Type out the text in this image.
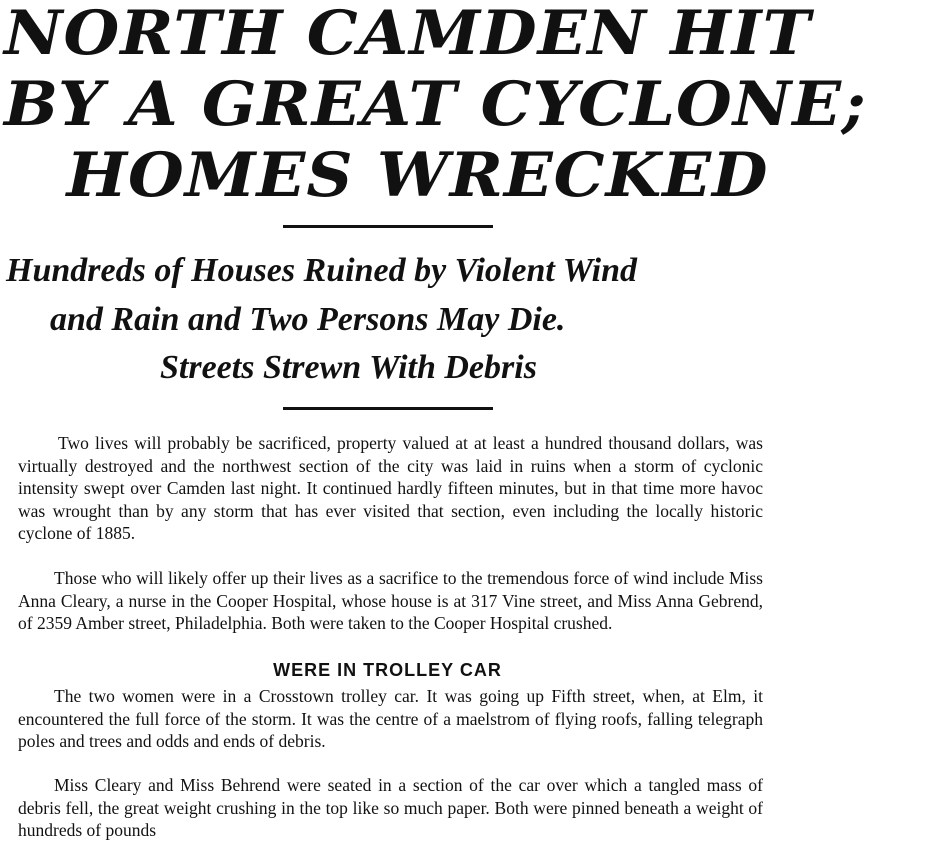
NORTH CAMDEN HIT
BY A GREAT CYCLONE;
HOMES WRECKED
Hundreds of Houses Ruined by Violent Wind
and Rain and Two Persons May Die.
Streets Strewn With Debris

Two lives will probably be sacrificed, property valued at at least a hundred thousand dollars, was virtually destroyed and the northwest section of the city was laid in ruins when a storm of cyclonic intensity swept over Camden last night. It continued hardly fifteen minutes, but in that time more havoc was wrought than by any storm that has ever visited that section, even including the locally historic cyclone of 1885.

Those who will likely offer up their lives as a sacrifice to the tremendous force of wind include Miss Anna Cleary, a nurse in the Cooper Hospital, whose house is at 317 Vine street, and Miss Anna Gebrend, of 2359 Amber street, Philadelphia. Both were taken to the Cooper Hospital crushed.

WERE IN TROLLEY CAR

The two women were in a Crosstown trolley car. It was going up Fifth street, when, at Elm, it encountered the full force of the storm. It was the centre of a maelstrom of flying roofs, falling telegraph poles and trees and odds and ends of debris.

Miss Cleary and Miss Behrend were seated in a section of the car over which a tangled mass of debris fell, the great weight crushing in the top like so much paper. Both were pinned beneath a weight of hundreds of pounds
